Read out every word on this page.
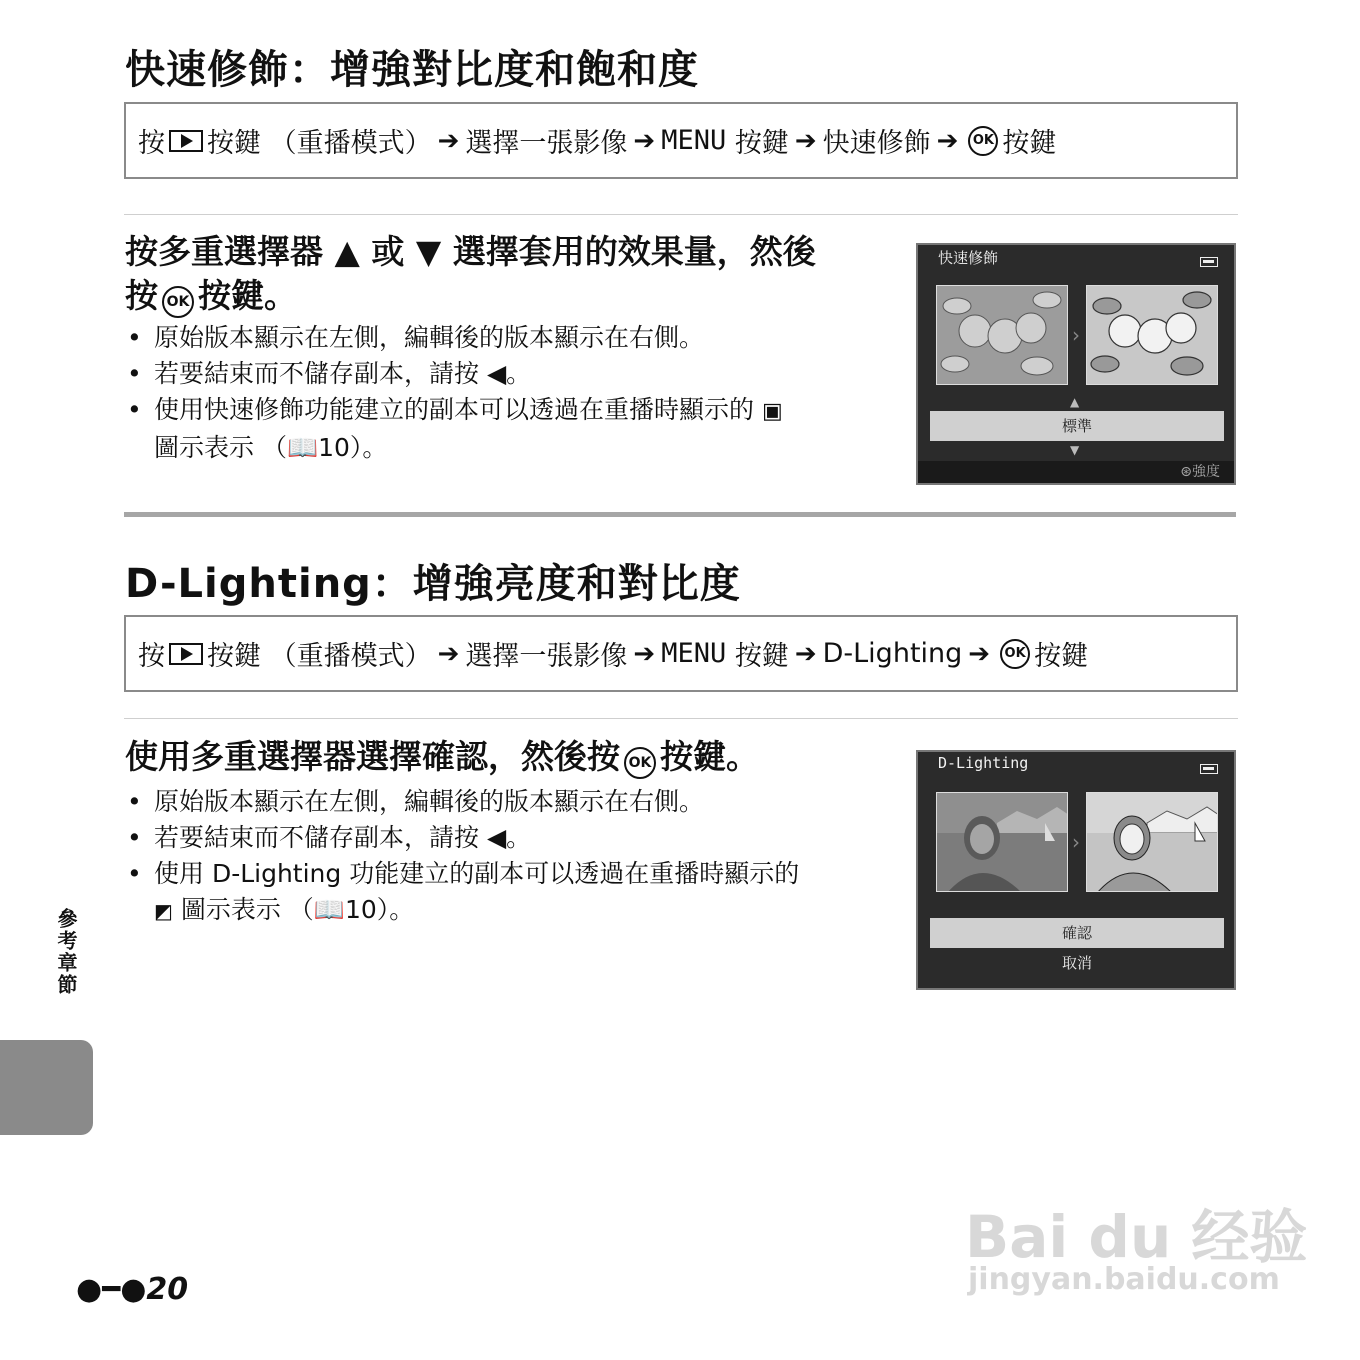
快速修飾：增強對比度和飽和度
按 按鍵 （重播模式） ➔ 選擇一張影像 ➔ MENU
按鍵 ➔ 快速修飾 ➔	OK 按鍵

按多重選擇器 ▲ 或 ▼ 選擇套用的效果量，然後

按 OK 按鍵。

• 原始版本顯示在左側，編輯後的版本顯示在右側。
• 若要結束而不儲存副本，請按 ◀。
• 使用快速修飾功能建立的副本可以透過在重播時顯示的 ▣
圖示表示 （📖10）。
快速修飾
›
▲
標準
▼
⊛強度
D-Lighting：增強亮度和對比度
按 按鍵 （重播模式） ➔ 選擇一張影像 ➔ MENU
按鍵 ➔ D-Lighting ➔	OK 按鍵

使用多重選擇器選擇確認，然後按 OK 按鍵。

• 原始版本顯示在左側，編輯後的版本顯示在右側。
• 若要結束而不儲存副本，請按 ◀。
• 使用 D-Lighting 功能建立的副本可以透過在重播時顯示的
◩ 圖示表示 （📖10）。
D-Lighting
›
確認
取消
參考章節
●━●20
Bai du 经验
jingyan.baidu.com
